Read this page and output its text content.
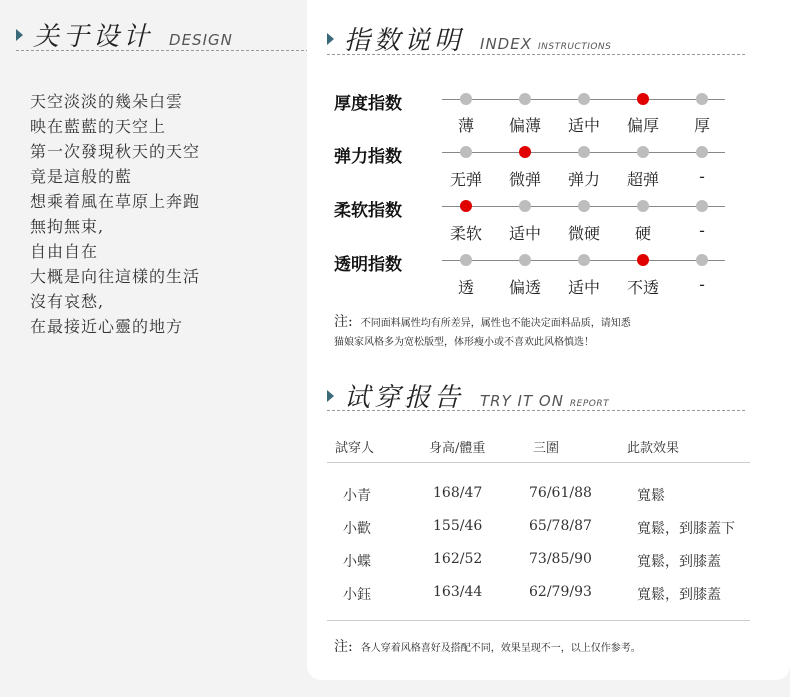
关于设计 DESIGN
天空淡淡的幾朵白雲
映在藍藍的天空上
第一次發現秋天的天空
竟是這般的藍
想乘着風在草原上奔跑
無拘無束,
自由自在
大概是向往這樣的生活
沒有哀愁,
在最接近心靈的地方
指数说明 INDEX INSTRUCTIONS
厚度指数
薄	偏薄	适中	偏厚	厚
弹力指数
无弹	微弹	弹力	超弹	-
柔软指数
柔软	适中	微硬	硬	-
透明指数
透	偏透	适中	不透	-
注: 不同面料属性均有所差异，属性也不能决定面料品质，请知悉
猫娘家风格多为宽松版型，体形瘦小或不喜欢此风格慎选！
试穿报告 TRY IT ON REPORT
試穿人	身高/體重	三圍	此款效果
小青	168/47	76/61/88	寬鬆
小歡	155/46	65/78/87	寬鬆，到膝蓋下
小蝶	162/52	73/85/90	寬鬆，到膝蓋
小鈺	163/44	62/79/93	寬鬆，到膝蓋
注: 各人穿着风格喜好及搭配不同，效果呈现不一，以上仅作参考。
